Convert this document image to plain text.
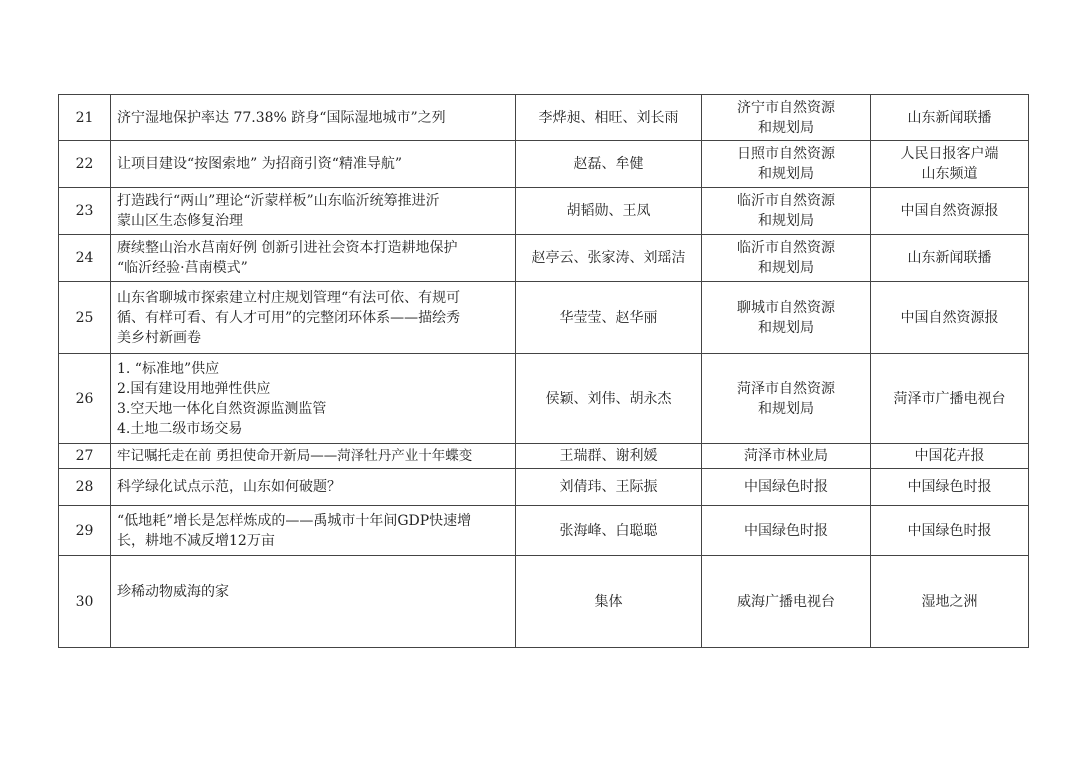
21	济宁湿地保护率达 77.38% 跻身“国际湿地城市”之列	李烨昶、相旺、刘长雨	济宁市自然资源
和规划局	山东新闻联播

22	让项目建设“按图索地” 为招商引资“精准导航”	赵磊、牟健	日照市自然资源
和规划局	人民日报客户端
山东频道

23	打造践行“两山”理论“沂蒙样板”山东临沂统筹推进沂
蒙山区生态修复治理	胡韬勋、王凤	临沂市自然资源
和规划局	中国自然资源报

24	赓续整山治水莒南好例 创新引进社会资本打造耕地保护
“临沂经验·莒南模式”	赵亭云、张家涛、刘瑶洁	临沂市自然资源
和规划局	山东新闻联播

25	山东省聊城市探索建立村庄规划管理“有法可依、有规可
循、有样可看、有人才可用”的完整闭环体系——描绘秀
美乡村新画卷	华莹莹、赵华丽	聊城市自然资源
和规划局	中国自然资源报

26	1. “标准地”供应
2.国有建设用地弹性供应
3.空天地一体化自然资源监测监管
4.土地二级市场交易	侯颖、刘伟、胡永杰	菏泽市自然资源
和规划局	菏泽市广播电视台

27	牢记嘱托走在前 勇担使命开新局——菏泽牡丹产业十年蝶变	王瑞群、谢利媛	菏泽市林业局	中国花卉报

28	科学绿化试点示范，山东如何破题？	刘倩玮、王际振	中国绿色时报	中国绿色时报

29	“低地耗”增长是怎样炼成的——禹城市十年间GDP快速增
长，耕地不减反增12万亩	张海峰、白聪聪	中国绿色时报	中国绿色时报

30	珍稀动物威海的家	集体	威海广播电视台	湿地之洲
